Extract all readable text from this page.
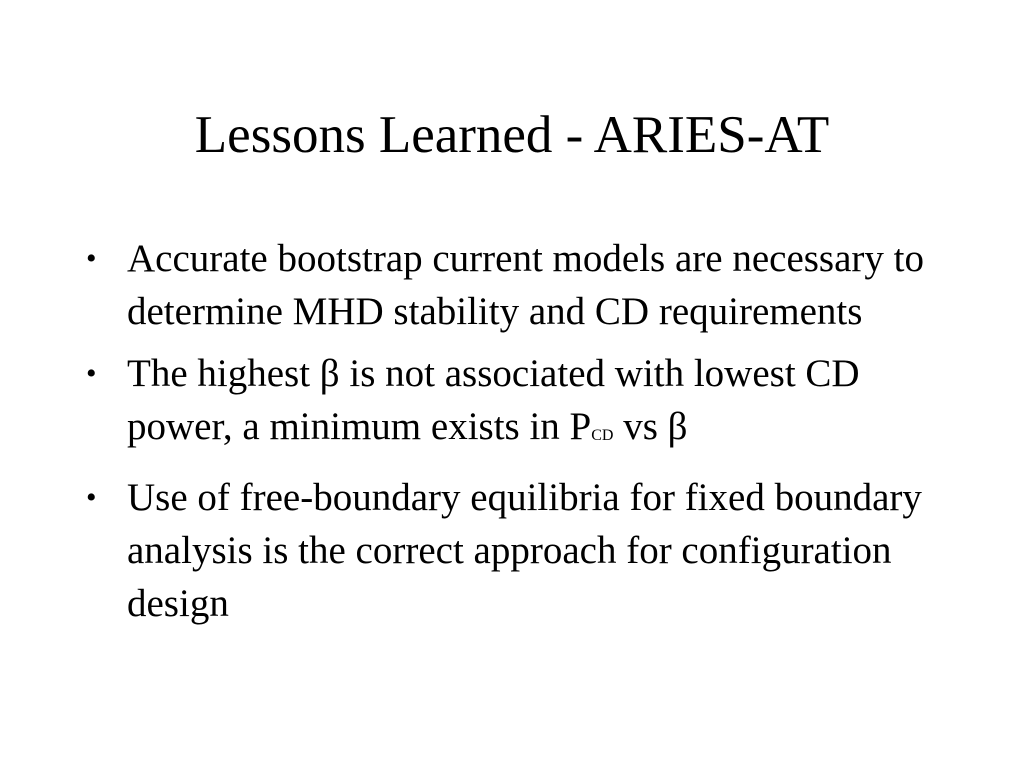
Lessons Learned - ARIES-AT
• Accurate bootstrap current models are necessary to determine MHD stability and CD requirements
• The highest β is not associated with lowest CD power, a minimum exists in PCD vs β
• Use of free-boundary equilibria for fixed boundary analysis is the correct approach for configuration design
